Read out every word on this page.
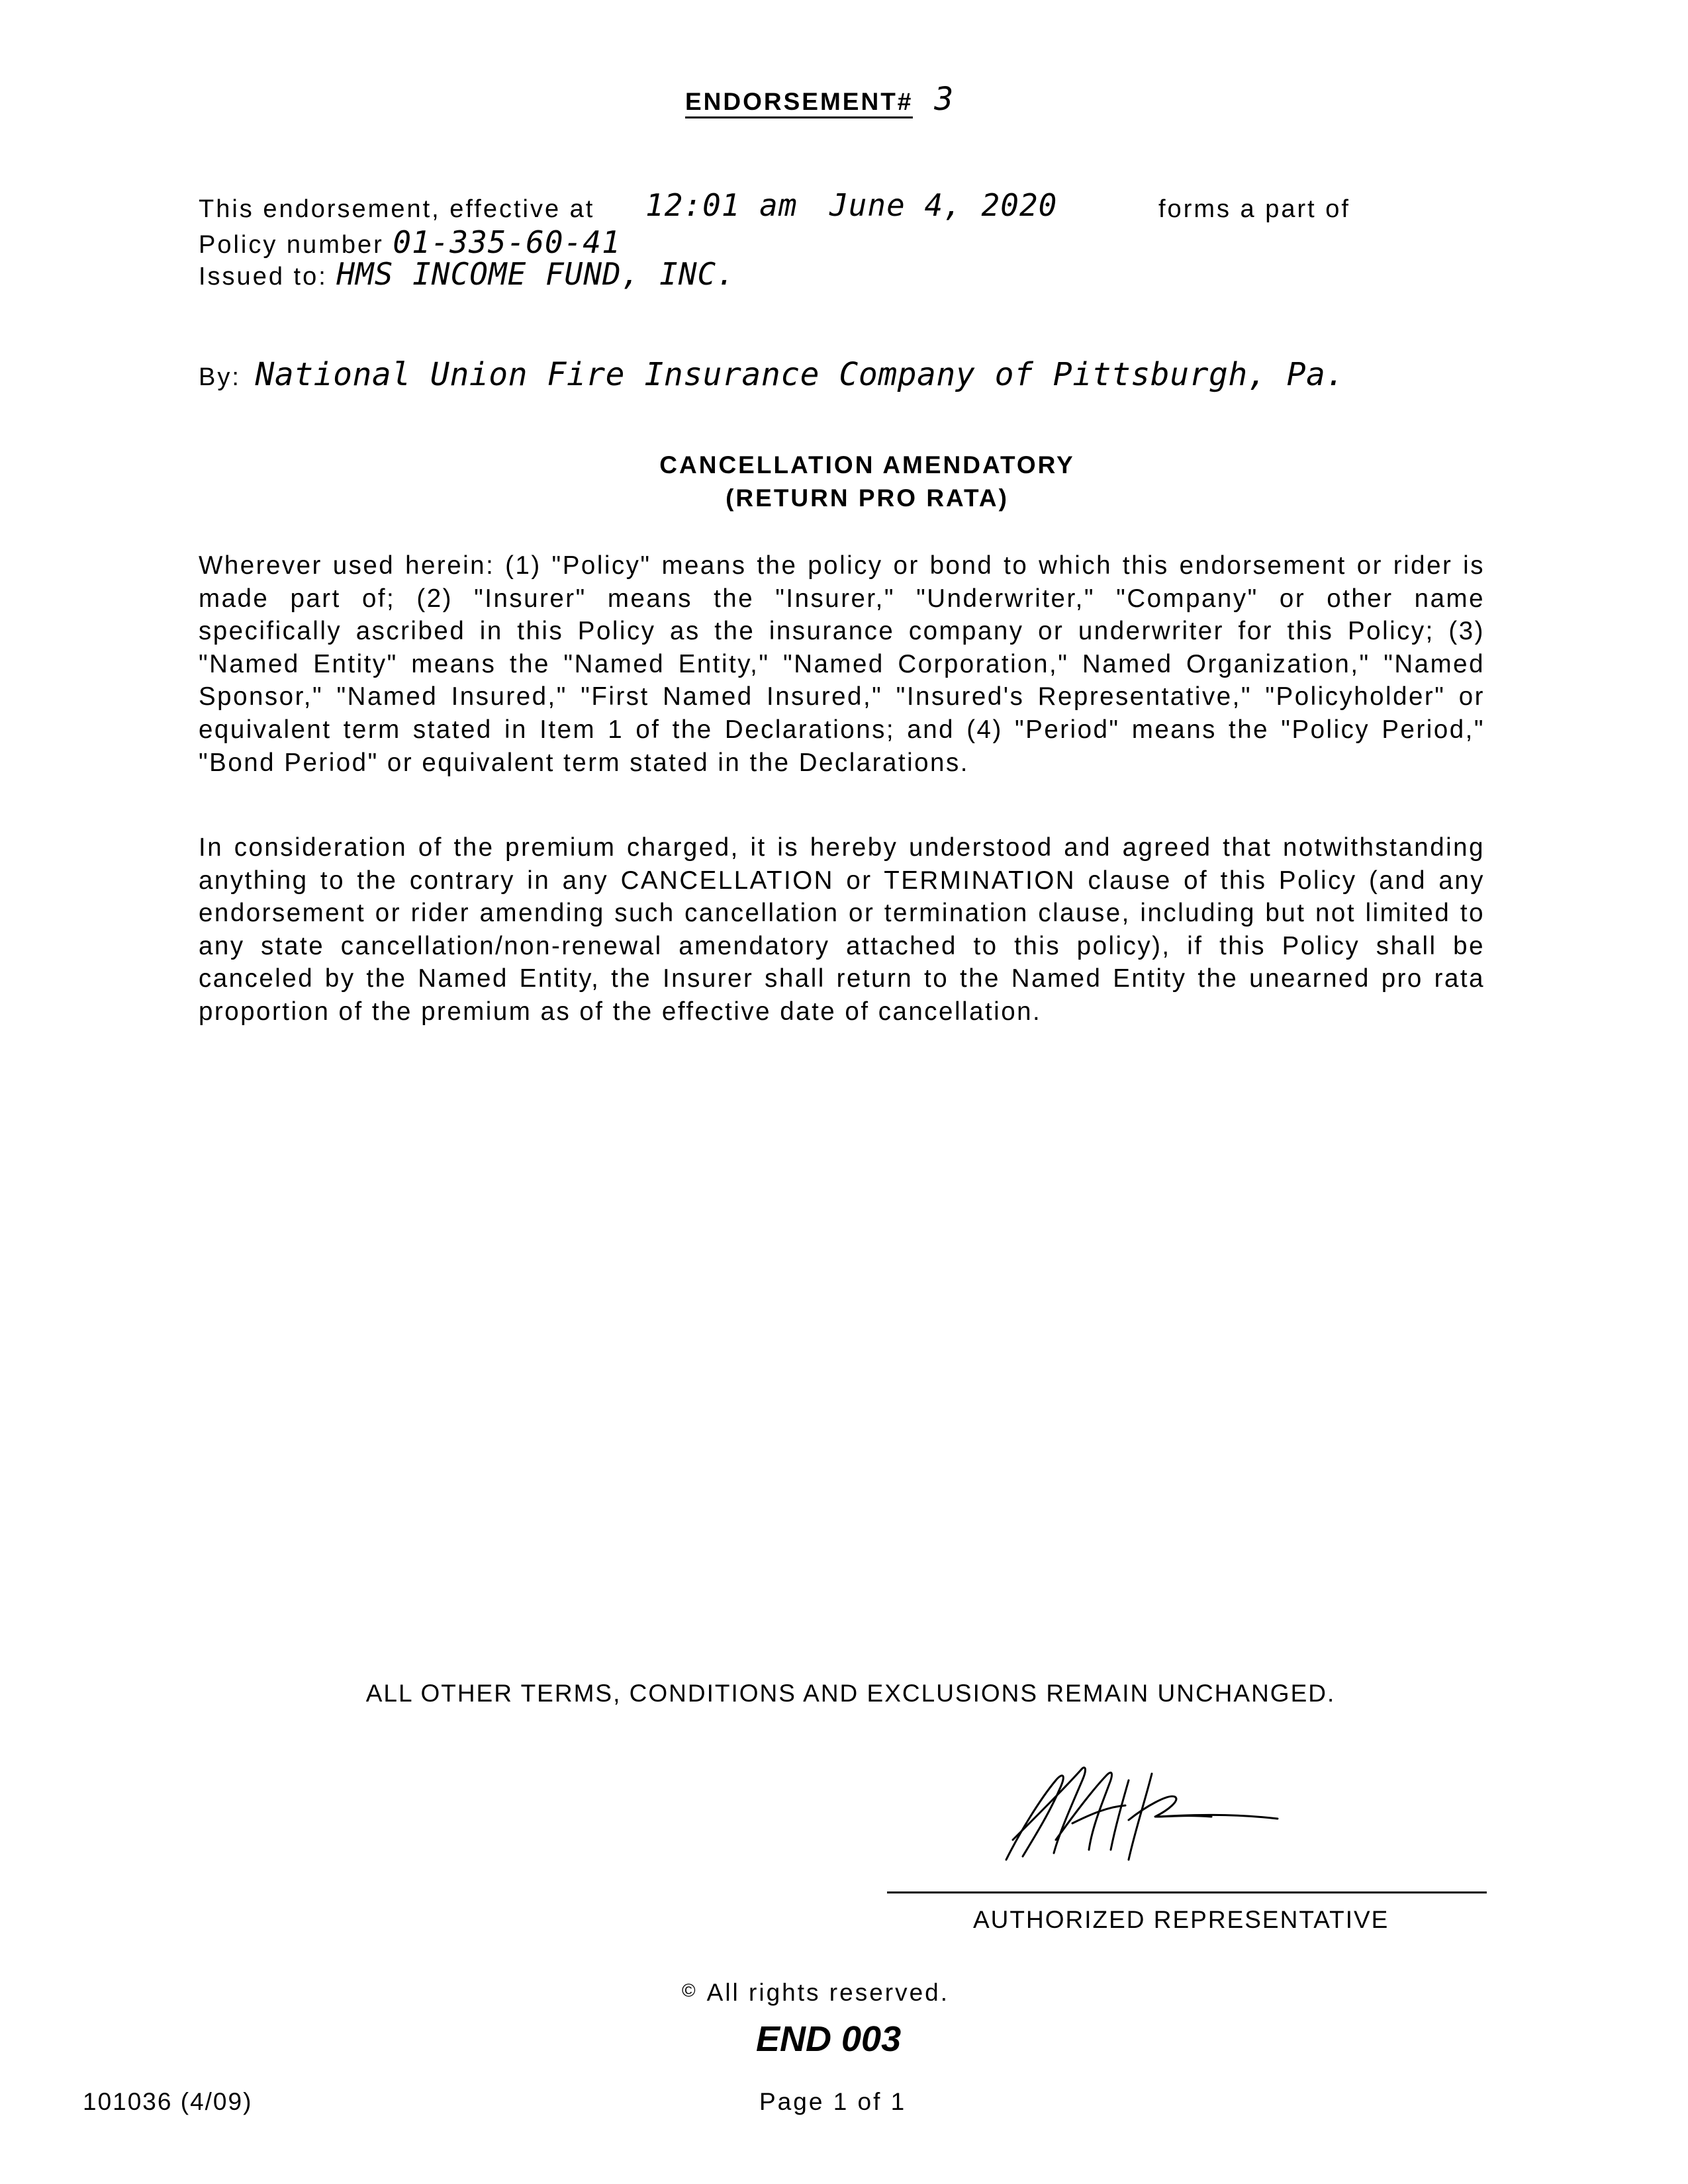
ENDORSEMENT# 3
This endorsement, effective at 12:01 am June 4, 2020	forms a part of
Policy number 01-335-60-41
Issued to: HMS INCOME FUND, INC.
By: National Union Fire Insurance Company of Pittsburgh, Pa.
CANCELLATION AMENDATORY
(RETURN PRO RATA)

Wherever used herein: (1) "Policy" means the policy or bond to which this endorsement or rider is made part of; (2) "Insurer" means the "Insurer," "Underwriter," "Company" or other name specifically ascribed in this Policy as the insurance company or underwriter for this Policy; (3) "Named Entity" means the "Named Entity," "Named Corporation," Named Organization," "Named Sponsor," "Named Insured," "First Named Insured," "Insured's Representative," "Policyholder" or equivalent term stated in Item 1 of the Declarations; and (4) "Period" means the "Policy Period," "Bond Period" or equivalent term stated in the Declarations.

In consideration of the premium charged, it is hereby understood and agreed that notwithstanding anything to the contrary in any CANCELLATION or TERMINATION clause of this Policy (and any endorsement or rider amending such cancellation or termination clause, including but not limited to any state cancellation/non-renewal amendatory attached to this policy), if this Policy shall be canceled by the Named Entity, the Insurer shall return to the Named Entity the unearned pro rata proportion of the premium as of the effective date of cancellation.

ALL OTHER TERMS, CONDITIONS AND EXCLUSIONS REMAIN UNCHANGED.
AUTHORIZED REPRESENTATIVE
© All rights reserved.
END 003
101036 (4/09)	Page 1 of 1
